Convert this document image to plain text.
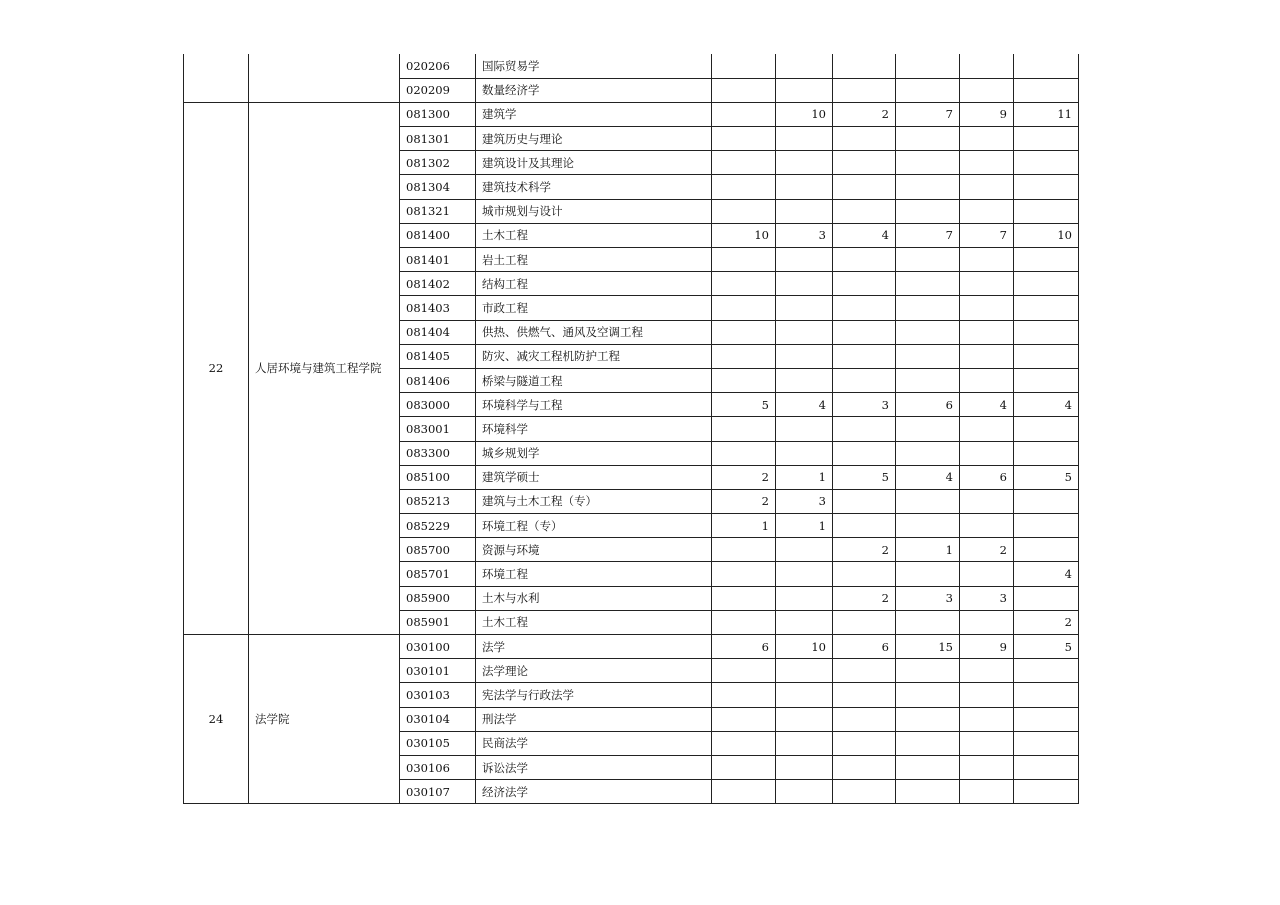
		020206	国际贸易学						
		020209	数量经济学						
22	人居环境与建筑工程学院	081300	建筑学		10	2	7	9	11
		081301	建筑历史与理论						
		081302	建筑设计及其理论						
		081304	建筑技术科学						
		081321	城市规划与设计						
		081400	土木工程	10	3	4	7	7	10
		081401	岩土工程						
		081402	结构工程						
		081403	市政工程						
		081404	供热、供燃气、通风及空调工程						
		081405	防灾、减灾工程机防护工程						
		081406	桥梁与隧道工程						
		083000	环境科学与工程	5	4	3	6	4	4
		083001	环境科学						
		083300	城乡规划学						
		085100	建筑学硕士	2	1	5	4	6	5
		085213	建筑与土木工程（专）	2	3				
		085229	环境工程（专）	1	1				
		085700	资源与环境			2	1	2	
		085701	环境工程						4
		085900	土木与水利			2	3	3	
		085901	土木工程						2
24	法学院	030100	法学	6	10	6	15	9	5
		030101	法学理论						
		030103	宪法学与行政法学						
		030104	刑法学						
		030105	民商法学						
		030106	诉讼法学						
		030107	经济法学						
